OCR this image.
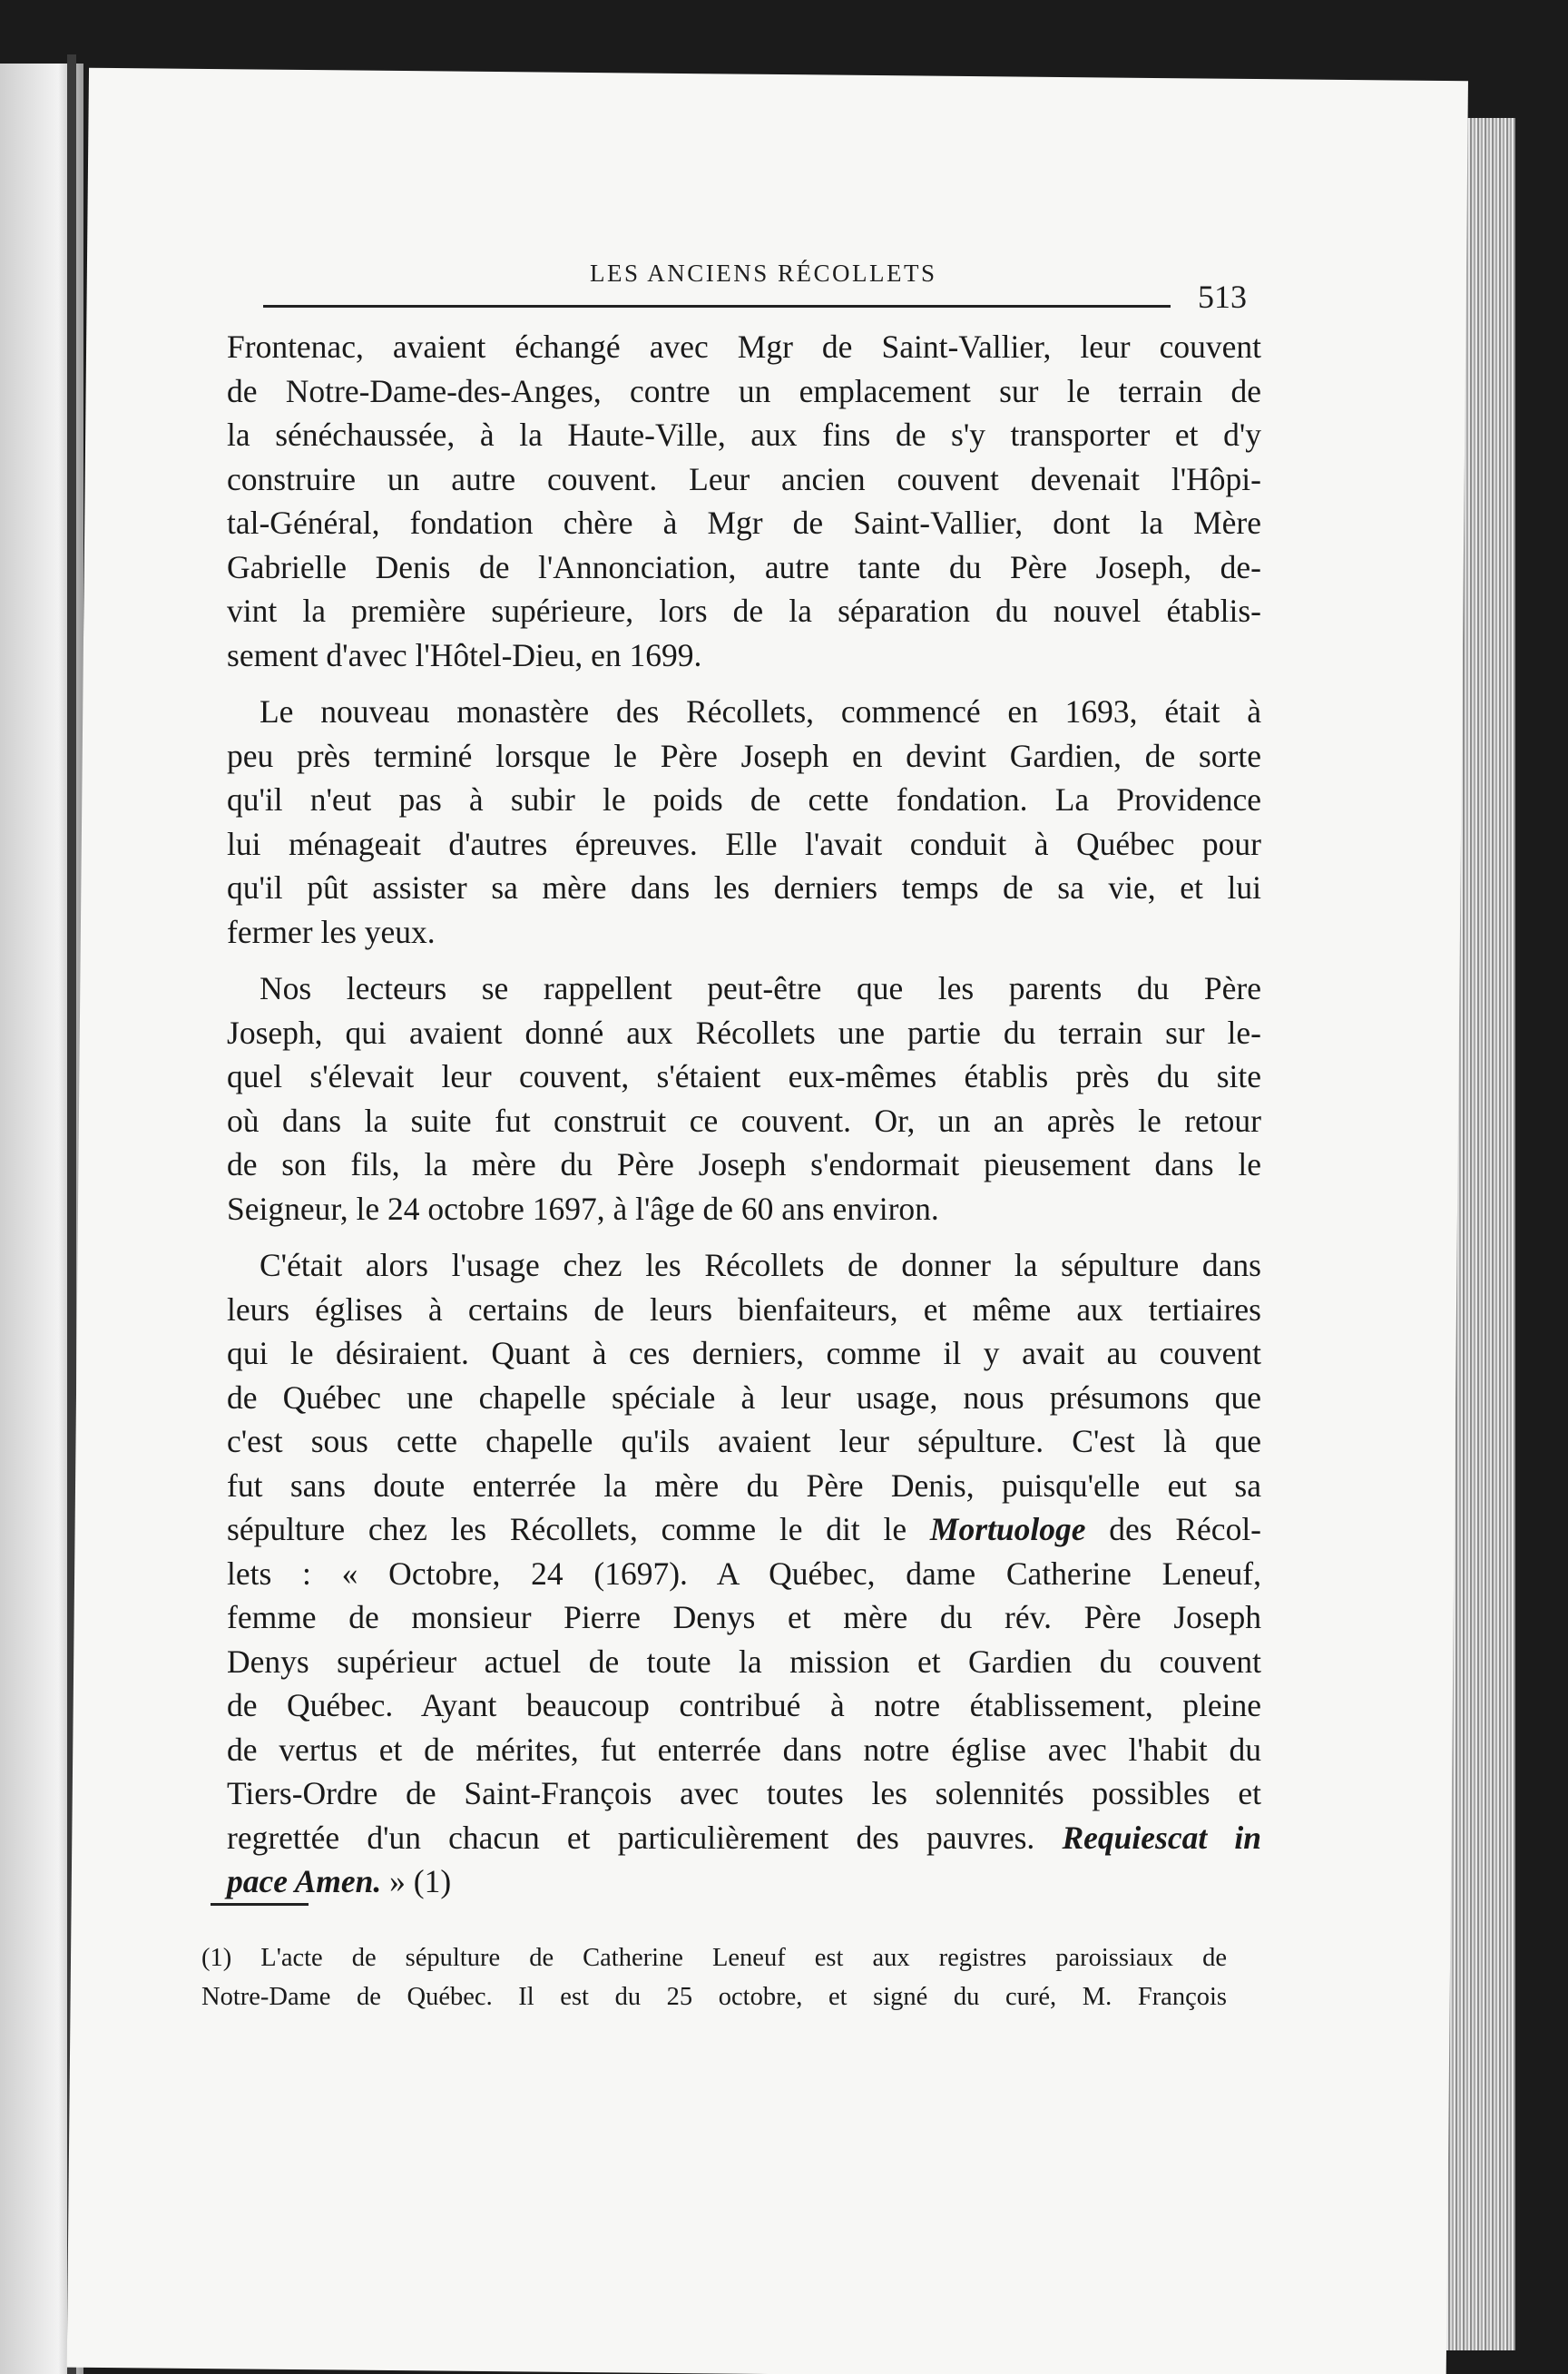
LES ANCIENS RÉCOLLETS
513

Frontenac, avaient échangé avec Mgr de Saint-Vallier, leur couvent
de Notre-Dame-des-Anges, contre un emplacement sur le terrain de
la sénéchaussée, à la Haute-Ville, aux fins de s'y transporter et d'y
construire un autre couvent. Leur ancien couvent devenait l'Hôpi-
tal-Général, fondation chère à Mgr de Saint-Vallier, dont la Mère
Gabrielle Denis de l'Annonciation, autre tante du Père Joseph, de-
vint la première supérieure, lors de la séparation du nouvel établis-
sement d'avec l'Hôtel-Dieu, en 1699.

Le nouveau monastère des Récollets, commencé en 1693, était à
peu près terminé lorsque le Père Joseph en devint Gardien, de sorte
qu'il n'eut pas à subir le poids de cette fondation. La Providence
lui ménageait d'autres épreuves. Elle l'avait conduit à Québec pour
qu'il pût assister sa mère dans les derniers temps de sa vie, et lui
fermer les yeux.

Nos lecteurs se rappellent peut-être que les parents du Père
Joseph, qui avaient donné aux Récollets une partie du terrain sur le-
quel s'élevait leur couvent, s'étaient eux-mêmes établis près du site
où dans la suite fut construit ce couvent. Or, un an après le retour
de son fils, la mère du Père Joseph s'endormait pieusement dans le
Seigneur, le 24 octobre 1697, à l'âge de 60 ans environ.

C'était alors l'usage chez les Récollets de donner la sépulture dans
leurs églises à certains de leurs bienfaiteurs, et même aux tertiaires
qui le désiraient. Quant à ces derniers, comme il y avait au couvent
de Québec une chapelle spéciale à leur usage, nous présumons que
c'est sous cette chapelle qu'ils avaient leur sépulture. C'est là que
fut sans doute enterrée la mère du Père Denis, puisqu'elle eut sa
sépulture chez les Récollets, comme le dit le Mortuologe des Récol-
lets : « Octobre, 24 (1697). A Québec, dame Catherine Leneuf,
femme de monsieur Pierre Denys et mère du rév. Père Joseph
Denys supérieur actuel de toute la mission et Gardien du couvent
de Québec. Ayant beaucoup contribué à notre établissement, pleine
de vertus et de mérites, fut enterrée dans notre église avec l'habit du
Tiers-Ordre de Saint-François avec toutes les solennités possibles et
regrettée d'un chacun et particulièrement des pauvres. Requiescat in
pace Amen. » (1)

(1) L'acte de sépulture de Catherine Leneuf est aux registres paroissiaux de
Notre-Dame de Québec. Il est du 25 octobre, et signé du curé, M. François
